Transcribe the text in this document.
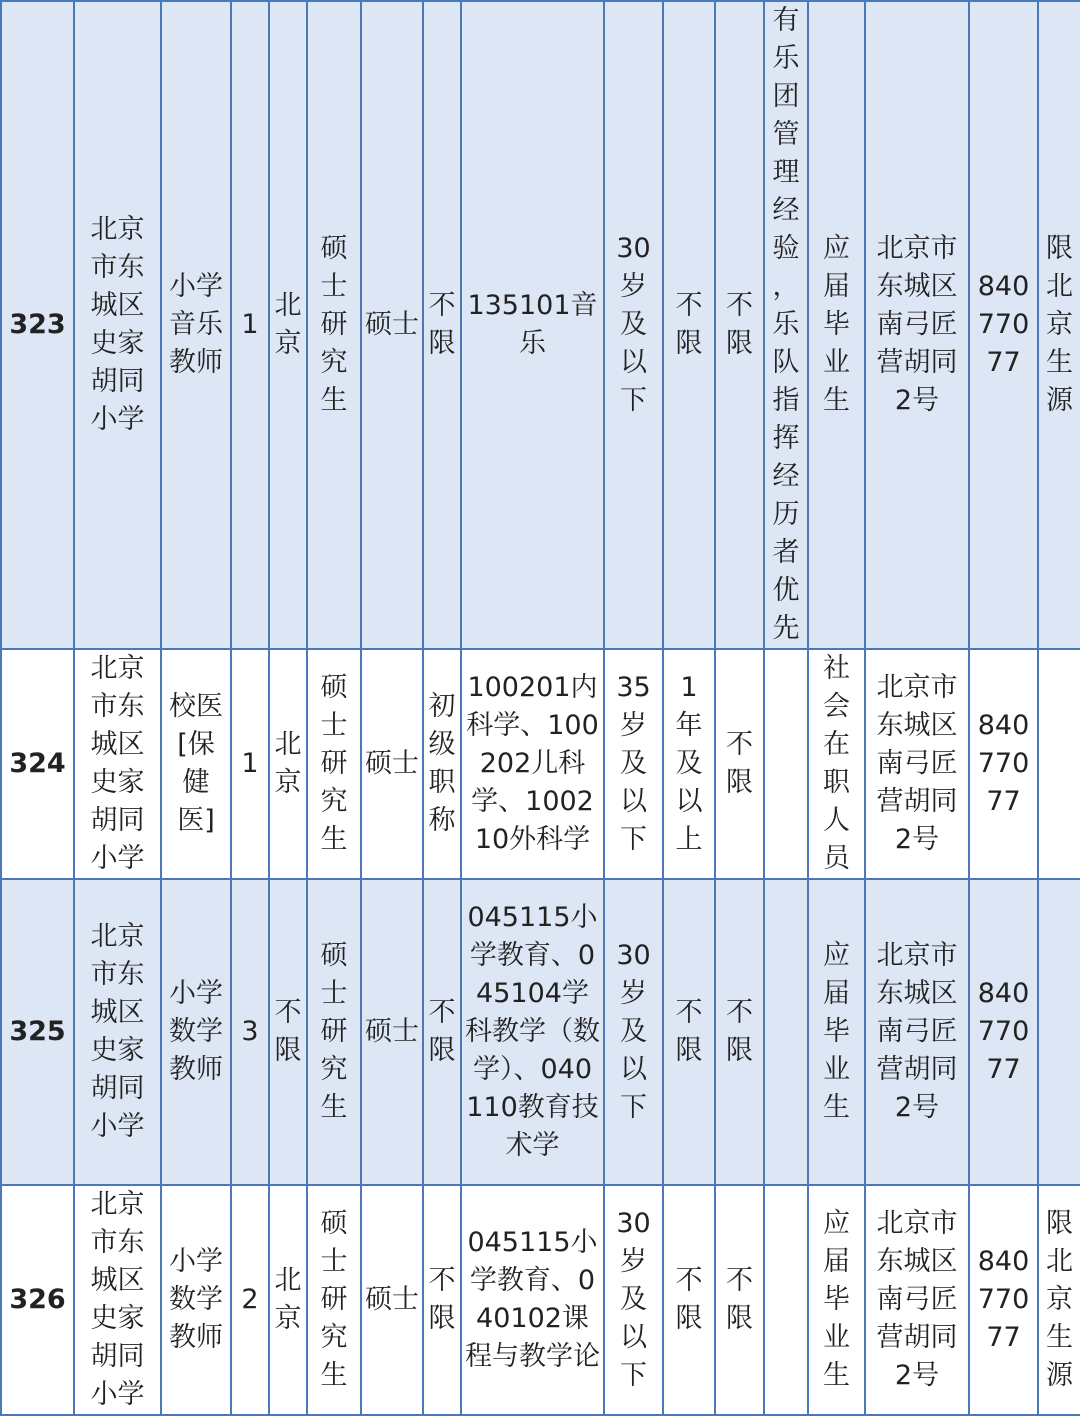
323	北京市东城区史家胡同小学	小学音乐教师	1	北京	硕士研究生	硕士	不限	135101音乐	30岁及以下	不限	不限	有乐团管理经验，乐队指挥经历者优先	应届毕业生	北京市东城区南弓匠营胡同2号	84077077	限北京生源
324	北京市东城区史家胡同小学	校医[保健医]	1	北京	硕士研究生	硕士	初级职称	100201内科学、100202儿科学、100210外科学	35岁及以下	1年及以上	不限		社会在职人员	北京市东城区南弓匠营胡同2号	84077077	
325	北京市东城区史家胡同小学	小学数学教师	3	不限	硕士研究生	硕士	不限	045115小学教育、045104学科教学（数学）、040110教育技术学	30岁及以下	不限	不限		应届毕业生	北京市东城区南弓匠营胡同2号	84077077	
326	北京市东城区史家胡同小学	小学数学教师	2	北京	硕士研究生	硕士	不限	045115小学教育、040102课程与教学论	30岁及以下	不限	不限		应届毕业生	北京市东城区南弓匠营胡同2号	84077077	限北京生源
